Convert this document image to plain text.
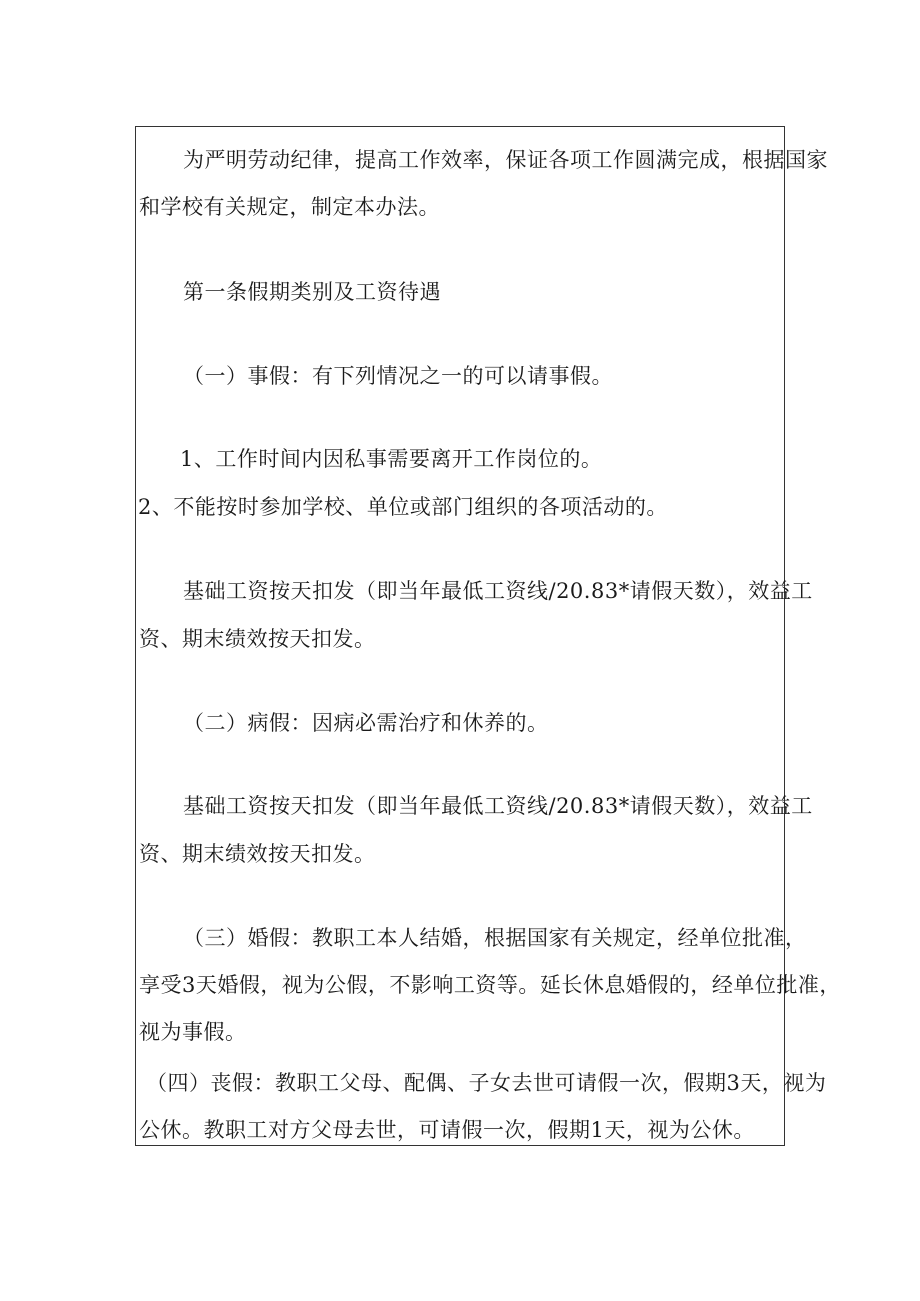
为严明劳动纪律，提高工作效率，保证各项工作圆满完成，根据国家
和学校有关规定，制定本办法。
第一条假期类别及工资待遇
（一）事假：有下列情况之一的可以请事假。
1、工作时间内因私事需要离开工作岗位的。
2、不能按时参加学校、单位或部门组织的各项活动的。
基础工资按天扣发（即当年最低工资线/20.83*请假天数），效益工
资、期末绩效按天扣发。
（二）病假：因病必需治疗和休养的。
基础工资按天扣发（即当年最低工资线/20.83*请假天数），效益工
资、期末绩效按天扣发。
（三）婚假：教职工本人结婚，根据国家有关规定，经单位批准，
享受3天婚假，视为公假，不影响工资等。延长休息婚假的，经单位批准，
视为事假。
（四）丧假：教职工父母、配偶、子女去世可请假一次，假期3天，视为
公休。教职工对方父母去世，可请假一次，假期1天，视为公休。
